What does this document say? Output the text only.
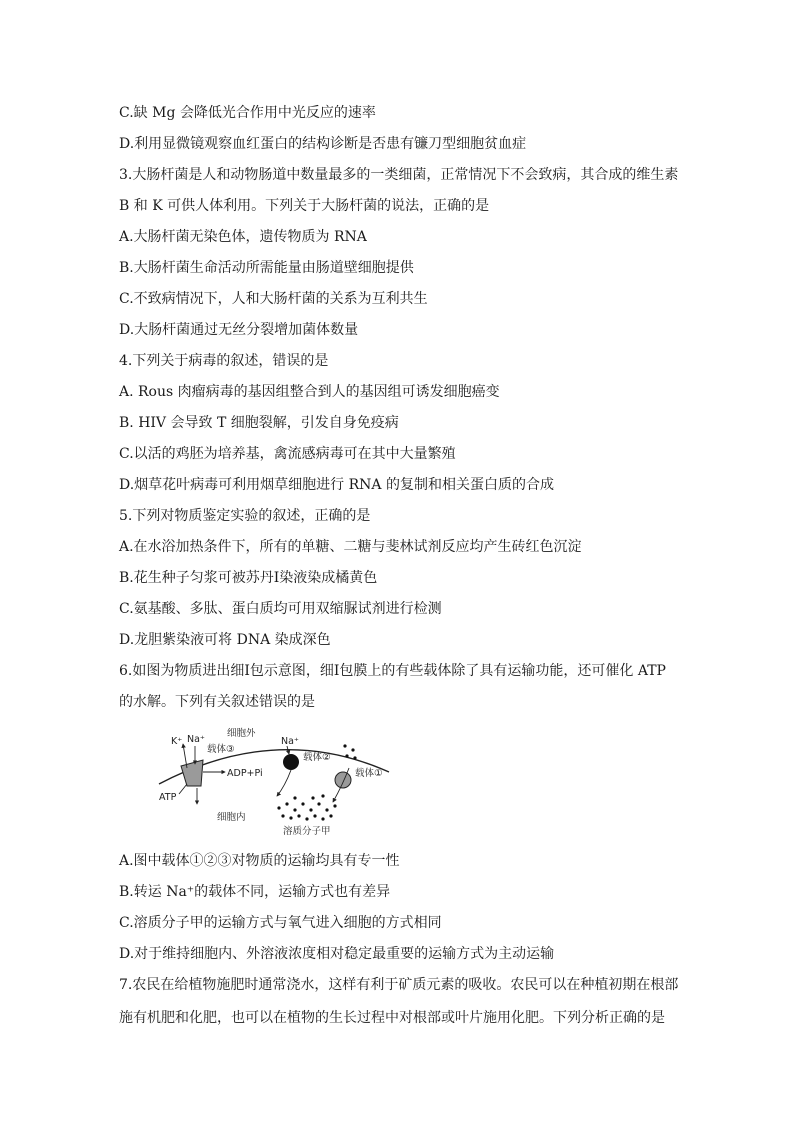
C.缺 Mg 会降低光合作用中光反应的速率
D.利用显微镜观察血红蛋白的结构诊断是否患有镰刀型细胞贫血症
3.大肠杆菌是人和动物肠道中数量最多的一类细菌，正常情况下不会致病，其合成的维生素
B 和 K 可供人体利用。下列关于大肠杆菌的说法，正确的是
A.大肠杆菌无染色体，遗传物质为 RNA
B.大肠杆菌生命活动所需能量由肠道壁细胞提供
C.不致病情况下，人和大肠杆菌的关系为互利共生
D.大肠杆菌通过无丝分裂增加菌体数量
4.下列关于病毒的叙述，错误的是
A. Rous 肉瘤病毒的基因组整合到人的基因组可诱发细胞癌变
B. HIV 会导致 T 细胞裂解，引发自身免疫病
C.以活的鸡胚为培养基，禽流感病毒可在其中大量繁殖
D.烟草花叶病毒可利用烟草细胞进行 RNA 的复制和相关蛋白质的合成
5.下列对物质鉴定实验的叙述，正确的是
A.在水浴加热条件下，所有的单糖、二糖与斐林试剂反应均产生砖红色沉淀
B.花生种子匀浆可被苏丹Ⅰ染液染成橘黄色
C.氨基酸、多肽、蛋白质均可用双缩脲试剂进行检测
D.龙胆紫染液可将 DNA 染成深色
6.如图为物质进出细Ⅰ包示意图，细Ⅰ包膜上的有些载体除了具有运输功能，还可催化 ATP
的水解。下列有关叙述错误的是
细胞外
细胞内
K⁺ Na⁺
载体③
Na⁺
载体②
载体①
ADP+Pi
ATP
溶质分子甲
A.图中载体①②③对物质的运输均具有专一性
B.转运 Na⁺的载体不同，运输方式也有差异
C.溶质分子甲的运输方式与氧气进入细胞的方式相同
D.对于维持细胞内、外溶液浓度相对稳定最重要的运输方式为主动运输
7.农民在给植物施肥时通常浇水，这样有利于矿质元素的吸收。农民可以在种植初期在根部
施有机肥和化肥，也可以在植物的生长过程中对根部或叶片施用化肥。下列分析正确的是
